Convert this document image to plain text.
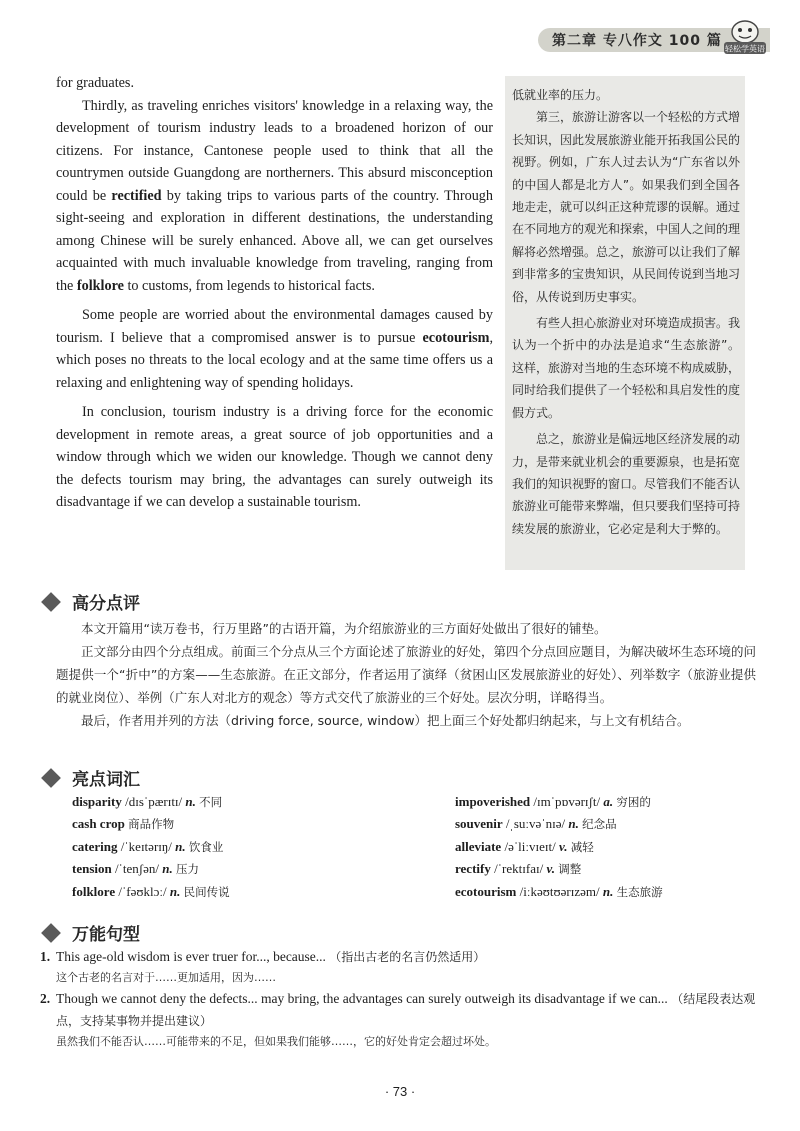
第二章 专八作文 100 篇 轻松学英语

for graduates.

Thirdly, as traveling enriches visitors' knowledge in a relaxing way, the development of tourism industry leads to a broadened horizon of our citizens. For instance, Cantonese people used to think that all the countrymen outside Guangdong are northerners. This absurd misconception could be rectified by taking trips to various parts of the country. Through sight-seeing and exploration in different destinations, the understanding among Chinese will be surely enhanced. Above all, we can get ourselves acquainted with much invaluable knowledge from traveling, ranging from the folklore to customs, from legends to historical facts.

Some people are worried about the environmental damages caused by tourism. I believe that a compromised answer is to pursue ecotourism, which poses no threats to the local ecology and at the same time offers us a relaxing and enlightening way of spending holidays.

In conclusion, tourism industry is a driving force for the economic development in remote areas, a great source of job opportunities and a window through which we widen our knowledge. Though we cannot deny the defects tourism may bring, the advantages can surely outweigh its disadvantage if we can develop a sustainable tourism.

低就业率的压力。

第三，旅游让游客以一个轻松的方式增长知识，因此发展旅游业能开拓我国公民的视野。例如，广东人过去认为“广东省以外的中国人都是北方人”。如果我们到全国各地走走，就可以纠正这种荒谬的误解。通过在不同地方的观光和探索，中国人之间的理解将必然增强。总之，旅游可以让我们了解到非常多的宝贵知识，从民间传说到当地习俗，从传说到历史事实。

有些人担心旅游业对环境造成损害。我认为一个折中的办法是追求“生态旅游”。这样，旅游对当地的生态环境不构成威胁，同时给我们提供了一个轻松和具启发性的度假方式。

总之，旅游业是偏远地区经济发展的动力，是带来就业机会的重要源泉，也是拓宽我们的知识视野的窗口。尽管我们不能否认旅游业可能带来弊端，但只要我们坚持可持续发展的旅游业，它必定是利大于弊的。

高分点评

本文开篇用“读万卷书，行万里路”的古语开篇，为介绍旅游业的三方面好处做出了很好的铺垫。

正文部分由四个分点组成。前面三个分点从三个方面论述了旅游业的好处，第四个分点回应题目，为解决破坏生态环境的问题提供一个“折中”的方案——生态旅游。在正文部分，作者运用了演绎（贫困山区发展旅游业的好处）、列举数字（旅游业提供的就业岗位）、举例（广东人对北方的观念）等方式交代了旅游业的三个好处。层次分明，详略得当。

最后，作者用并列的方法（driving force, source, window）把上面三个好处都归纳起来，与上文有机结合。

亮点词汇
disparity /dɪsˈpærɪtɪ/ n. 不同
cash crop 商品作物
catering /ˈkeɪtərɪŋ/ n. 饮食业
tension /ˈtenʃən/ n. 压力
folklore /ˈfəʊklɔː/ n. 民间传说
impoverished /ɪmˈpɒvərɪʃt/ a. 穷困的
souvenir /ˌsuːvəˈnɪə/ n. 纪念品
alleviate /əˈliːvɪeɪt/ v. 减轻
rectify /ˈrektɪfaɪ/ v. 调整
ecotourism /iːkəʊtʊərɪzəm/ n. 生态旅游
万能句型
1. This age-old wisdom is ever truer for..., because... （指出古老的名言仍然适用）
这个古老的名言对于……更加适用，因为……
2. Though we cannot deny the defects... may bring, the advantages can surely outweigh its disadvantage if we can... （结尾段表达观点，支持某事物并提出建议）
虽然我们不能否认……可能带来的不足，但如果我们能够……，它的好处肯定会超过坏处。
· 73 ·
